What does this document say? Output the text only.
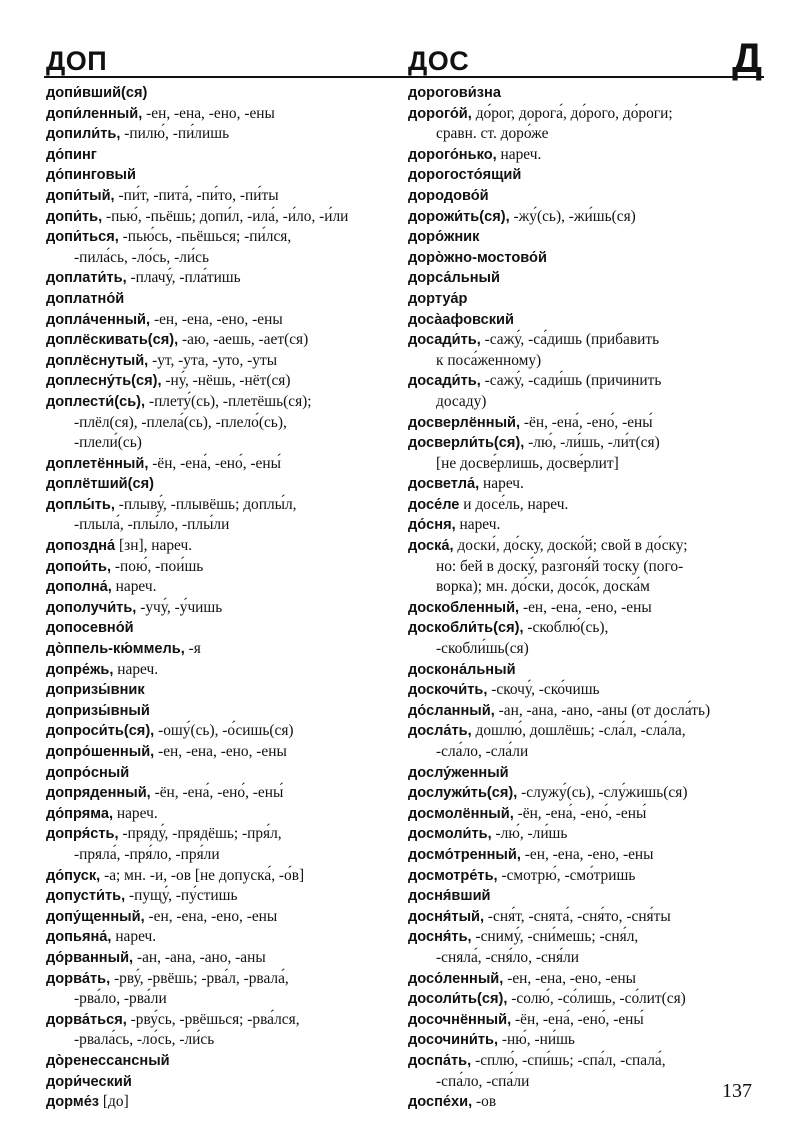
ДОП	ДОС	Д
допи́вший(ся)
допи́ленный, -ен, -ена, -ено, -ены
допили́ть, -пилю́, -пи́лишь
до́пинг
до́пинговый
допи́тый, -пи́т, -пита́, -пи́то, -пи́ты
допи́ть, -пью́, -пьёшь; допи́л, -ила́, -и́ло, -и́ли
допи́ться, -пью́сь, -пьёшься; -пи́лся,
-пила́сь, -ло́сь, -ли́сь
доплати́ть, -плачу́, -пла́тишь
доплатно́й
допла́ченный, -ен, -ена, -ено, -ены
доплёскивать(ся), -аю, -аешь, -ает(ся)
доплёснутый, -ут, -ута, -уто, -уты
доплесну́ть(ся), -ну́, -нёшь, -нёт(ся)
доплести́(сь), -плету́(сь), -плетёшь(ся);
-плёл(ся), -плела́(сь), -плело́(сь),
-плели́(сь)
доплетённый, -ён, -ена́, -ено́, -ены́
доплётший(ся)
доплы́ть, -плыву́, -плывёшь; доплы́л,
-плыла́, -плы́ло, -плы́ли
допоздна́ [зн], нареч.
допои́ть, -пою́, -пои́шь
дополна́, нареч.
дополучи́ть, -учу́, -у́чишь
допосевно́й
до̀ппель-кю́ммель, -я
допре́жь, нареч.
допризы́вник
допризы́вный
допроси́ть(ся), -ошу́(сь), -о́сишь(ся)
допро́шенный, -ен, -ена, -ено, -ены
допро́сный
допряденный, -ён, -ена́, -ено́, -ены́
до́пряма, нареч.
допря́сть, -пряду́, -прядёшь; -пря́л,
-пряла́, -пря́ло, -пря́ли
до́пуск, -а; мн. -и, -ов [не допуска́, -о́в]
допусти́ть, -пущу́, -пу́стишь
допу́щенный, -ен, -ена, -ено, -ены
допьяна́, нареч.
до́рванный, -ан, -ана, -ано, -аны
дорва́ть, -рву́, -рвёшь; -рва́л, -рвала́,
-рва́ло, -рва́ли
дорва́ться, -рву́сь, -рвёшься; -рва́лся,
-рвала́сь, -ло́сь, -ли́сь
до̀ренессансный
дори́ческий
дорме́з [до]
дорогови́зна
дорого́й, до́рог, дорога́, до́рого, до́роги;
сравн. ст. доро́же
дорого́нько, нареч.
дорогосто́ящий
дородово́й
дорожи́ть(ся), -жу́(сь), -жи́шь(ся)
доро́жник
доро̀жно-мостово́й
дорса́льный
дортуа́р
доса̀афовский
досади́ть, -сажу́, -са́дишь (прибавить
к поса́женному)
досади́ть, -сажу́, -сади́шь (причинить
досаду)
досверлённый, -ён, -ена́, -ено́, -ены́
досверли́ть(ся), -лю́, -ли́шь, -ли́т(ся)
[не досве́рлишь, досве́рлит]
досветла́, нареч.
досе́ле и досе́ль, нареч.
до́сня, нареч.
доска́, доски́, до́ску, доско́й; свой в до́ску;
но: бей в доску́, разгоня́й тоску (пого-
ворка); мн. до́ски, досо́к, доска́м
доскобленный, -ен, -ена, -ено, -ены
доскобли́ть(ся), -скоблю́(сь),
-скобли́шь(ся)
доскона́льный
доскочи́ть, -скочу́, -ско́чишь
до́сланный, -ан, -ана, -ано, -аны (от досла́ть)
досла́ть, дошлю́, дошлёшь; -сла́л, -сла́ла,
-сла́ло, -сла́ли
дослу́женный
дослужи́ть(ся), -служу́(сь), -слу́жишь(ся)
досмолённый, -ён, -ена́, -ено́, -ены́
досмоли́ть, -лю́, -ли́шь
досмо́тренный, -ен, -ена, -ено, -ены
досмотре́ть, -смотрю́, -смо́тришь
досня́вший
досня́тый, -сня́т, -снята́, -сня́то, -сня́ты
досня́ть, -сниму́, -сни́мешь; -сня́л,
-сняла́, -сня́ло, -сня́ли
досо́ленный, -ен, -ена, -ено, -ены
досоли́ть(ся), -солю́, -со́лишь, -со́лит(ся)
досочнённый, -ён, -ена́, -ено́, -ены́
досочини́ть, -ню́, -ни́шь
доспа́ть, -сплю́, -спи́шь; -спа́л, -спала́,
-спа́ло, -спа́ли
доспе́хи, -ов	137
